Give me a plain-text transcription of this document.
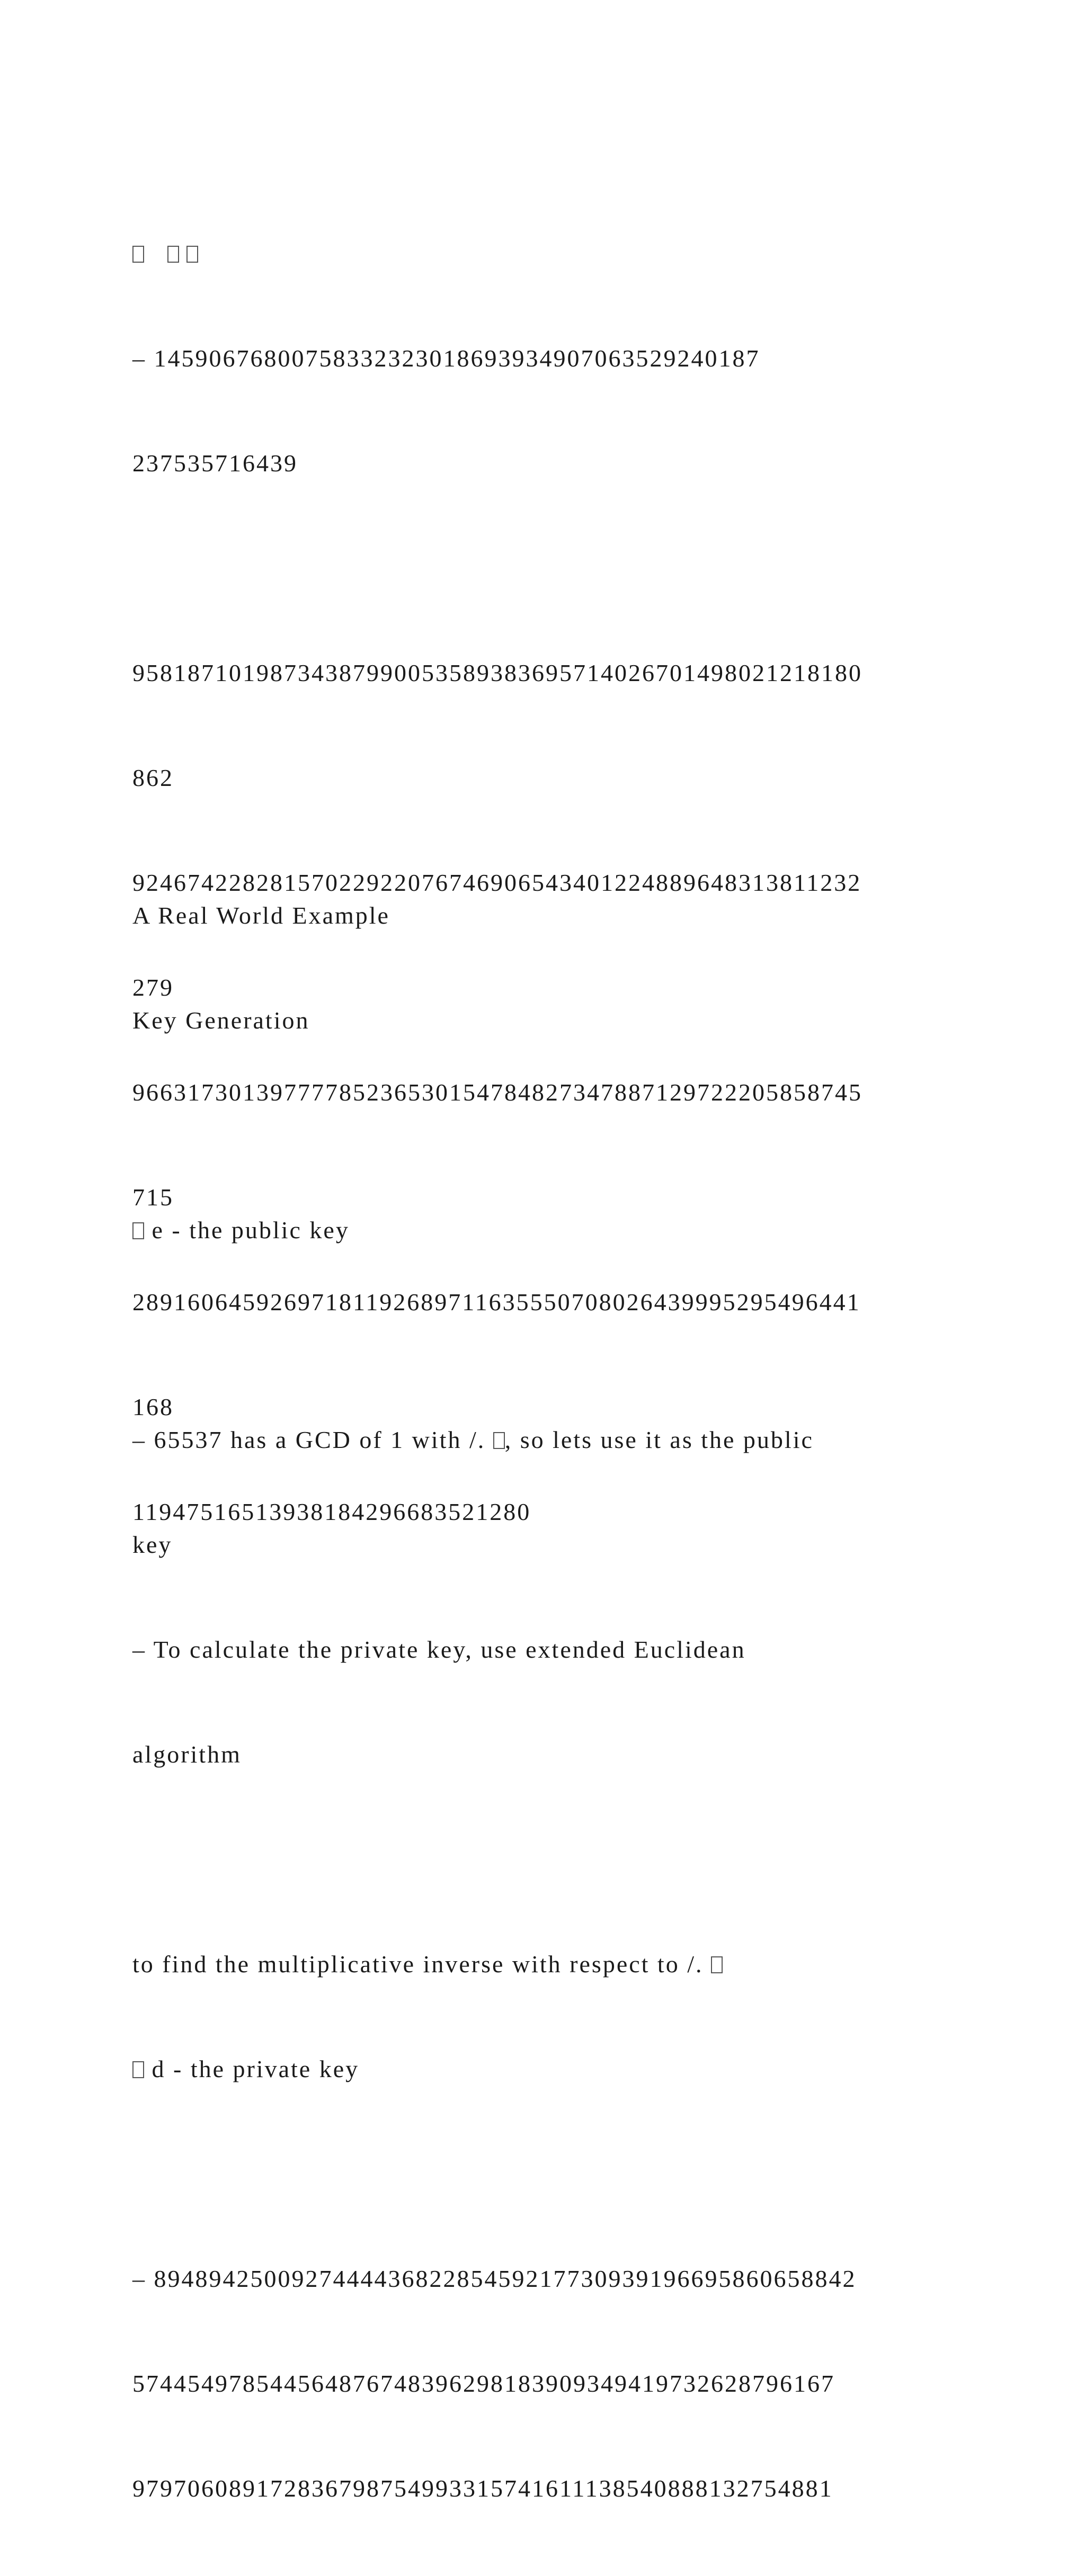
– 1459067680075833232301869393490706352924018​7

237535716439

958187101987343879900535893836957140267014980212181​80

862

924674228281570229220767469065434012248896483138112​32

279

966317301397777852365301547848273478871297222058587​45

715

289160645926971811926897116355507080264399952954964​41

168

11947516513938184296683521280

A Real World Example

Key Generation

e - the public key

– 65537 has a GCD of 1 with /. , so lets use it as the public

key

– To calculate the private key, use extended Euclidean

algorithm

to find the multiplicative inverse with respect to /.

d - the private key

– 8948942500927444436822854592177309391966958606588​42

574454978544564876748396298183909349419732628796167

979706089172836798754993315741611138540888132754881
